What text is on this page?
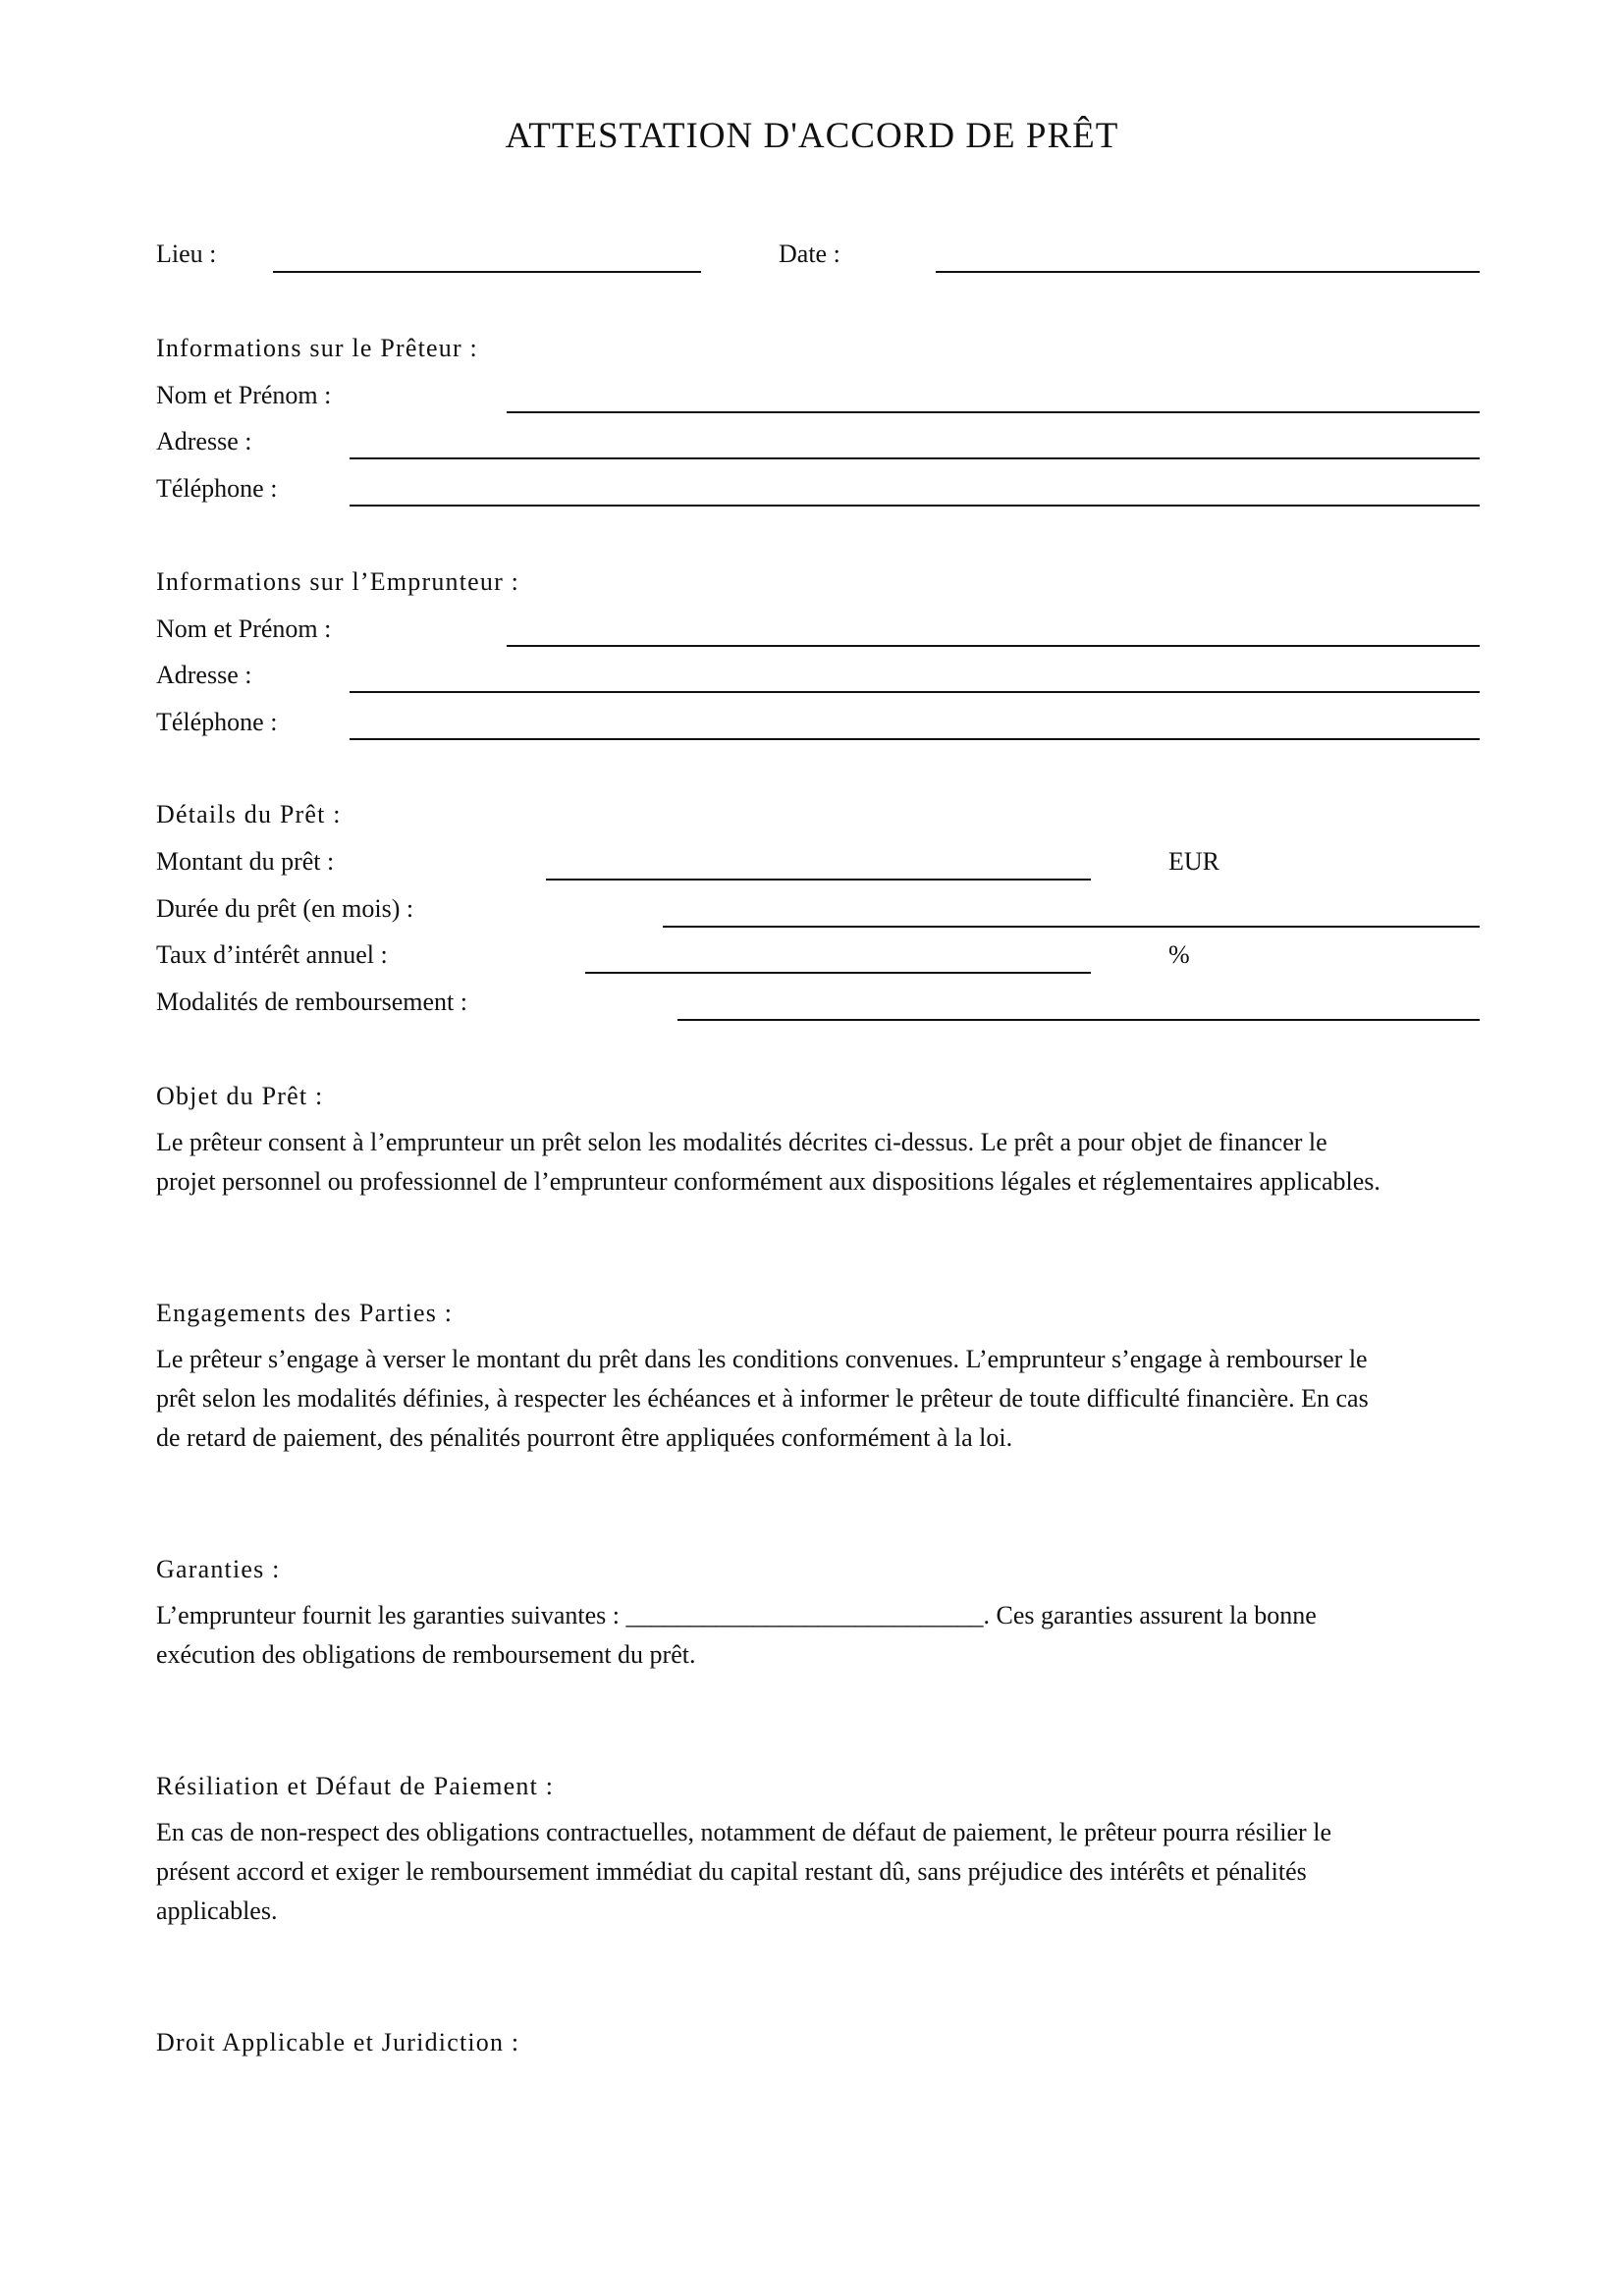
ATTESTATION D'ACCORD DE PRÊT
Lieu :	Date :
Informations sur le Prêteur :
Nom et Prénom :
Adresse :
Téléphone :
Informations sur l’Emprunteur :
Nom et Prénom :
Adresse :
Téléphone :
Détails du Prêt :
Montant du prêt :	EUR
Durée du prêt (en mois) :
Taux d’intérêt annuel :	%
Modalités de remboursement :
Objet du Prêt :
Le prêteur consent à l’emprunteur un prêt selon les modalités décrites ci-dessus. Le prêt a pour objet de financer le
projet personnel ou professionnel de l’emprunteur conformément aux dispositions légales et réglementaires applicables.
Engagements des Parties :
Le prêteur s’engage à verser le montant du prêt dans les conditions convenues. L’emprunteur s’engage à rembourser le
prêt selon les modalités définies, à respecter les échéances et à informer le prêteur de toute difficulté financière. En cas
de retard de paiement, des pénalités pourront être appliquées conformément à la loi.
Garanties :
L’emprunteur fournit les garanties suivantes : ____________________________. Ces garanties assurent la bonne
exécution des obligations de remboursement du prêt.
Résiliation et Défaut de Paiement :
En cas de non-respect des obligations contractuelles, notamment de défaut de paiement, le prêteur pourra résilier le
présent accord et exiger le remboursement immédiat du capital restant dû, sans préjudice des intérêts et pénalités
applicables.
Droit Applicable et Juridiction :
